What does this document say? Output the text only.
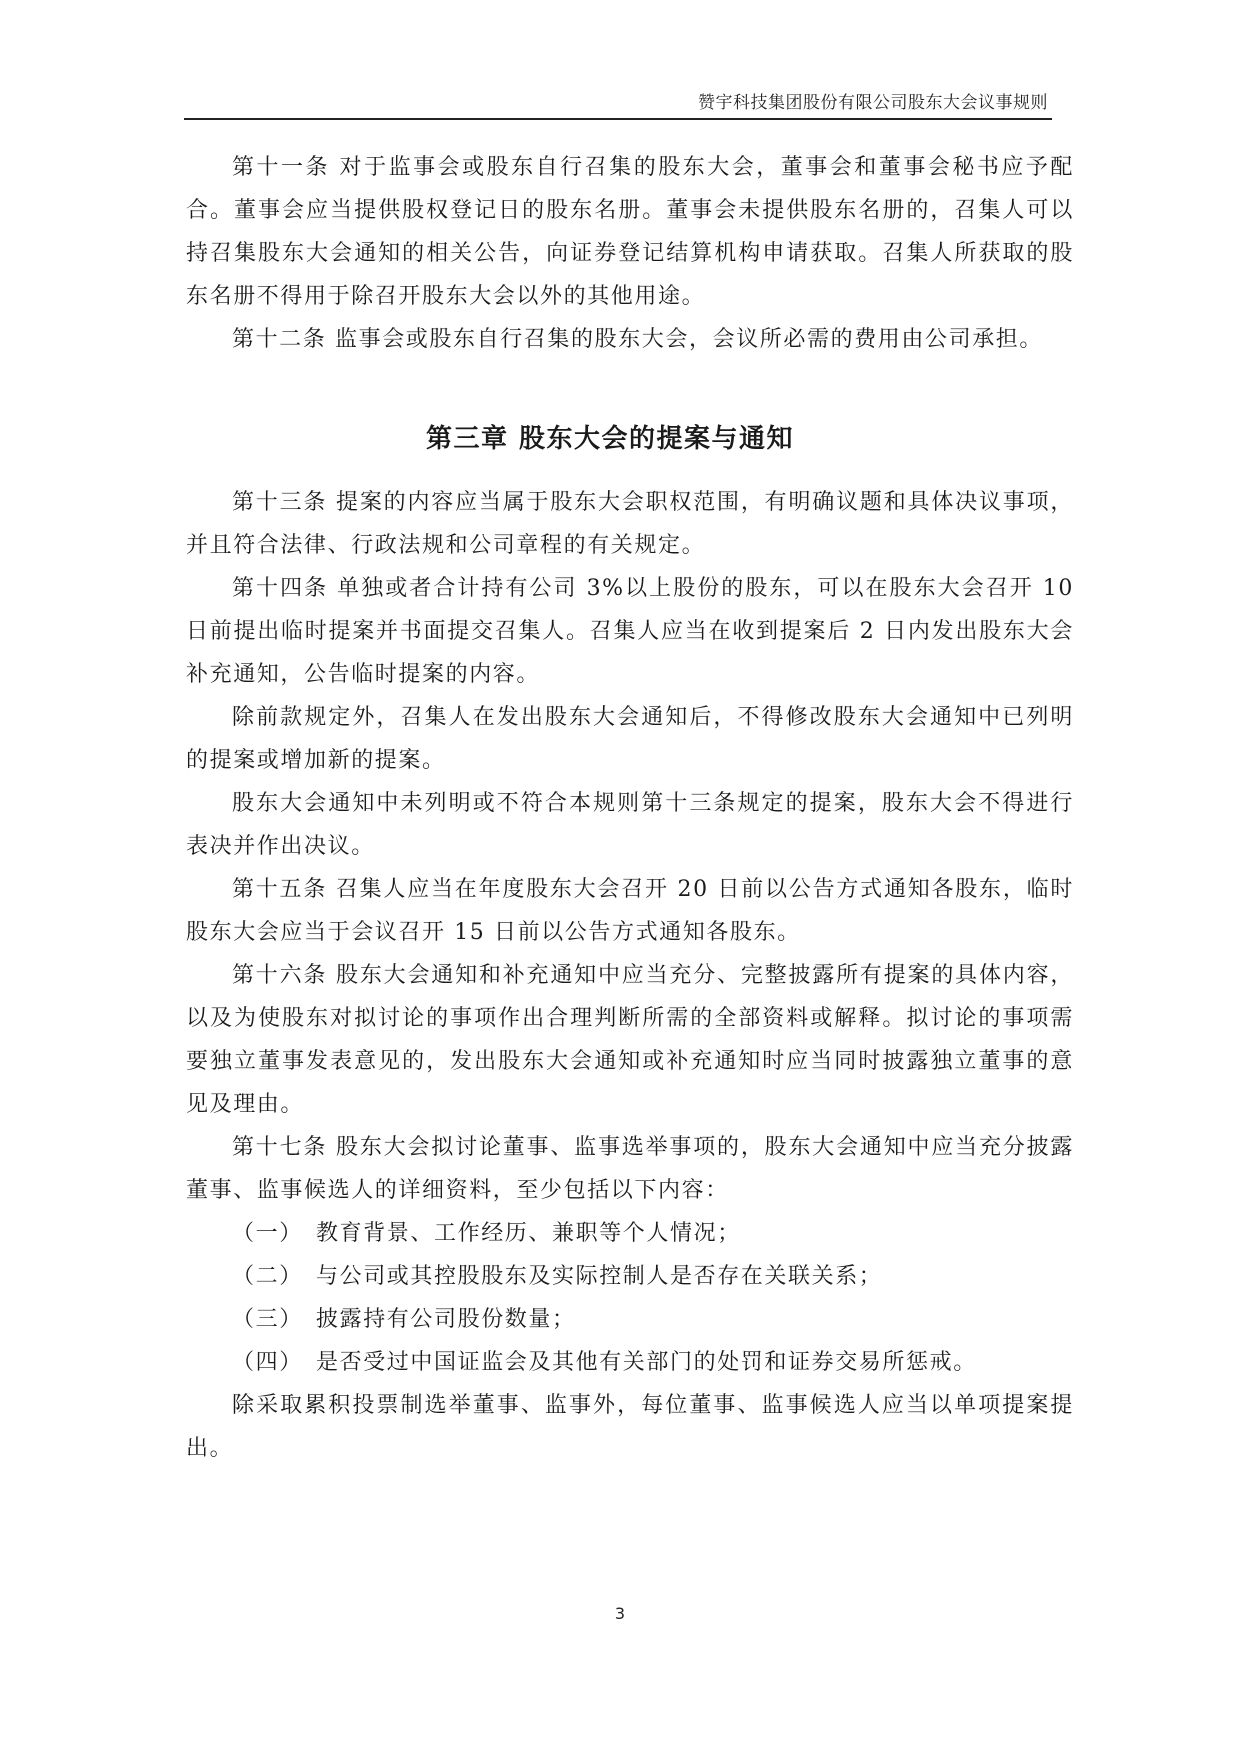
赞宇科技集团股份有限公司股东大会议事规则

第十一条 对于监事会或股东自行召集的股东大会，董事会和董事会秘书应予配合。董事会应当提供股权登记日的股东名册。董事会未提供股东名册的，召集人可以持召集股东大会通知的相关公告，向证券登记结算机构申请获取。召集人所获取的股东名册不得用于除召开股东大会以外的其他用途。

第十二条 监事会或股东自行召集的股东大会，会议所必需的费用由公司承担。

第三章 股东大会的提案与通知

第十三条 提案的内容应当属于股东大会职权范围，有明确议题和具体决议事项，并且符合法律、行政法规和公司章程的有关规定。

第十四条 单独或者合计持有公司 3%以上股份的股东，可以在股东大会召开 10 日前提出临时提案并书面提交召集人。召集人应当在收到提案后 2 日内发出股东大会补充通知，公告临时提案的内容。

除前款规定外，召集人在发出股东大会通知后，不得修改股东大会通知中已列明的提案或增加新的提案。

股东大会通知中未列明或不符合本规则第十三条规定的提案，股东大会不得进行表决并作出决议。

第十五条 召集人应当在年度股东大会召开 20 日前以公告方式通知各股东，临时股东大会应当于会议召开 15 日前以公告方式通知各股东。

第十六条 股东大会通知和补充通知中应当充分、完整披露所有提案的具体内容，以及为使股东对拟讨论的事项作出合理判断所需的全部资料或解释。拟讨论的事项需要独立董事发表意见的，发出股东大会通知或补充通知时应当同时披露独立董事的意见及理由。

第十七条 股东大会拟讨论董事、监事选举事项的，股东大会通知中应当充分披露董事、监事候选人的详细资料，至少包括以下内容：

（一） 教育背景、工作经历、兼职等个人情况；

（二） 与公司或其控股股东及实际控制人是否存在关联关系；

（三） 披露持有公司股份数量；

（四） 是否受过中国证监会及其他有关部门的处罚和证券交易所惩戒。

除采取累积投票制选举董事、监事外，每位董事、监事候选人应当以单项提案提出。

3
